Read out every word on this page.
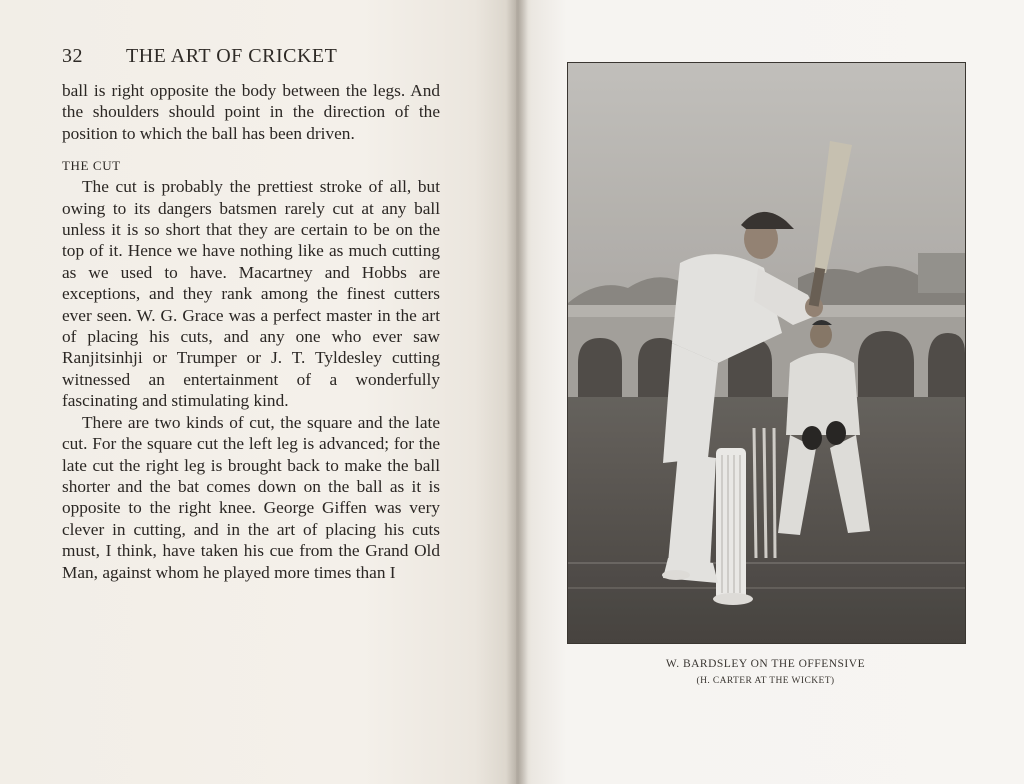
32 THE ART OF CRICKET

ball is right opposite the body between the legs. And the shoulders should point in the direction of the position to which the ball has been driven.

THE CUT

The cut is probably the prettiest stroke of all, but owing to its dangers batsmen rarely cut at any ball unless it is so short that they are certain to be on the top of it. Hence we have nothing like as much cutting as we used to have. Macartney and Hobbs are exceptions, and they rank among the finest cutters ever seen. W. G. Grace was a perfect master in the art of placing his cuts, and any one who ever saw Ranjitsinhji or Trumper or J. T. Tyldesley cutting witnessed an entertainment of a wonderfully fascinating and stimulating kind.

There are two kinds of cut, the square and the late cut. For the square cut the left leg is advanced; for the late cut the right leg is brought back to make the ball shorter and the bat comes down on the ball as it is opposite to the right knee. George Giffen was very clever in cutting, and in the art of placing his cuts must, I think, have taken his cue from the Grand Old Man, against whom he played more times than I

W. BARDSLEY ON THE OFFENSIVE
(H. CARTER AT THE WICKET)
